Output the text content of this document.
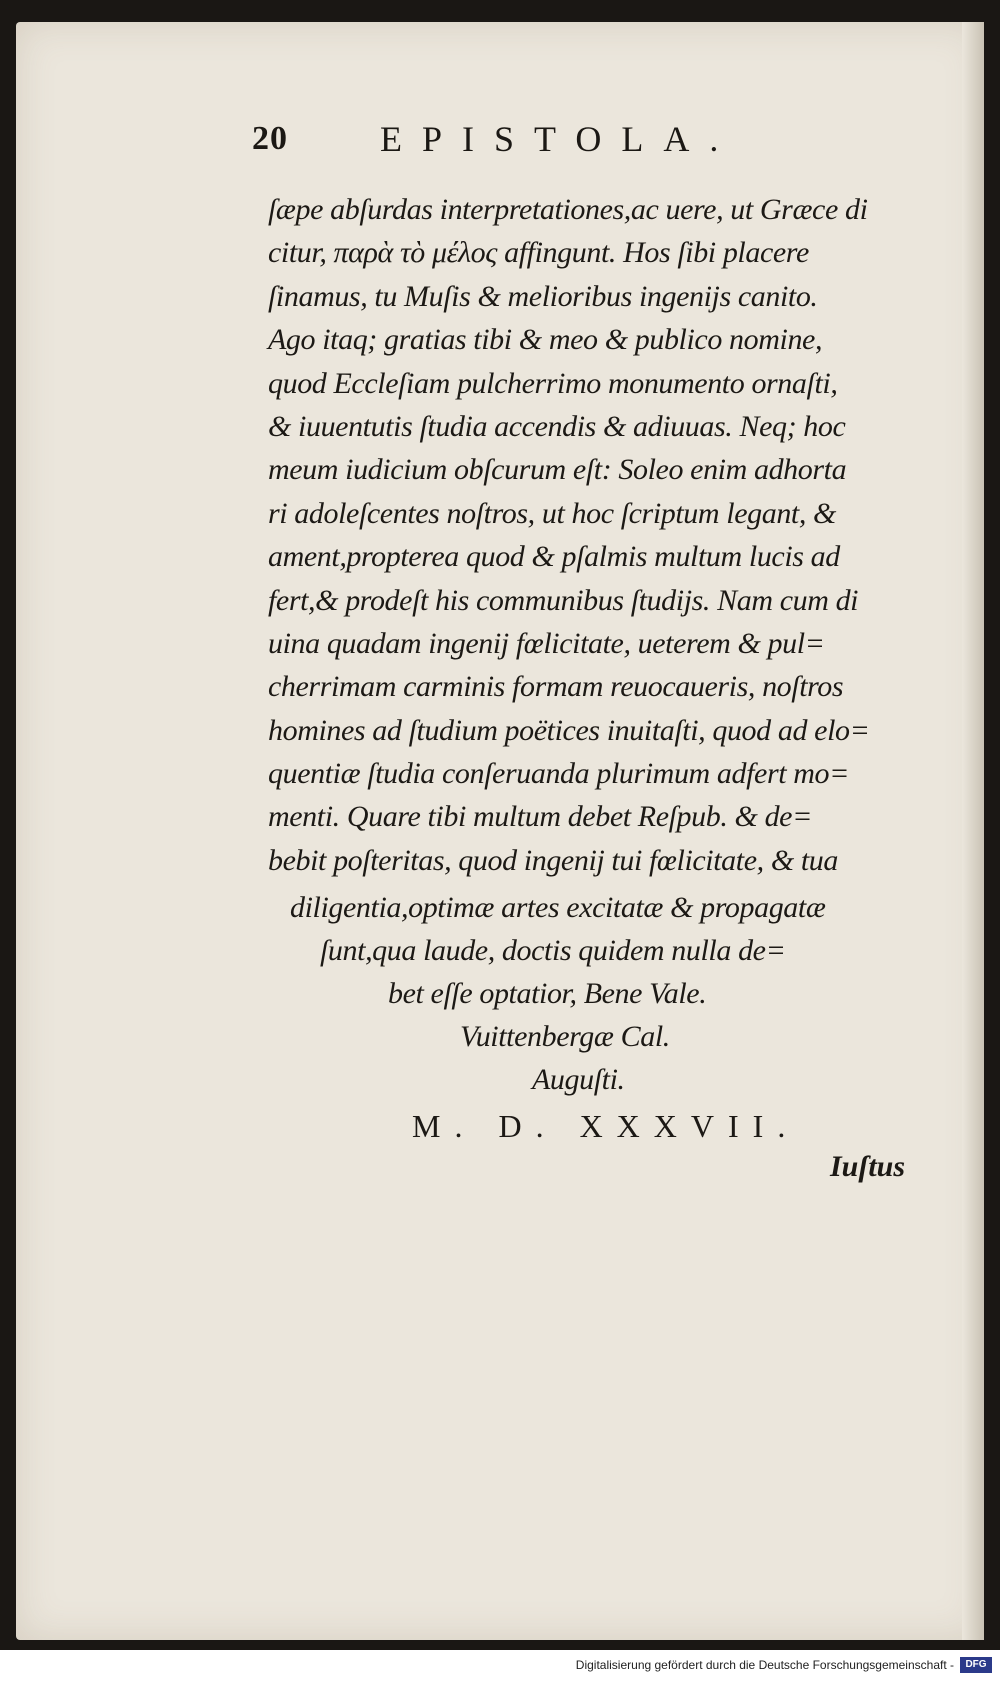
20	EPISTOLA.
ſæpe abſurdas interpretationes,ac uere, ut Græce di
citur, παρὰ τὸ μέλος affingunt. Hos ſibi placere
ſinamus, tu Muſis & melioribus ingenijs canito.
Ago itaq; gratias tibi & meo & publico nomine,
quod Eccleſiam pulcherrimo monumento ornaſti,
& iuuentutis ſtudia accendis & adiuuas. Neq; hoc
meum iudicium obſcurum eſt: Soleo enim adhorta
ri adoleſcentes noſtros, ut hoc ſcriptum legant, &
ament,propterea quod & pſalmis multum lucis ad
fert,& prodeſt his communibus ſtudijs. Nam cum di
uina quadam ingenij fœlicitate, ueterem & pul=
cherrimam carminis formam reuocaueris, noſtros
homines ad ſtudium poëtices inuitaſti, quod ad elo=
quentiæ ſtudia conſeruanda plurimum adfert mo=
menti. Quare tibi multum debet Reſpub. & de=
bebit poſteritas, quod ingenij tui fœlicitate, & tua
diligentia,optimæ artes excitatæ & propagatæ
ſunt,qua laude, doctis quidem nulla de=
bet eſſe optatior, Bene Vale.
Vuittenbergæ Cal.
Auguſti.
M. D. XXXVII.
Iuſtus
Digitalisierung gefördert durch die Deutsche Forschungsgemeinschaft -	DFG
